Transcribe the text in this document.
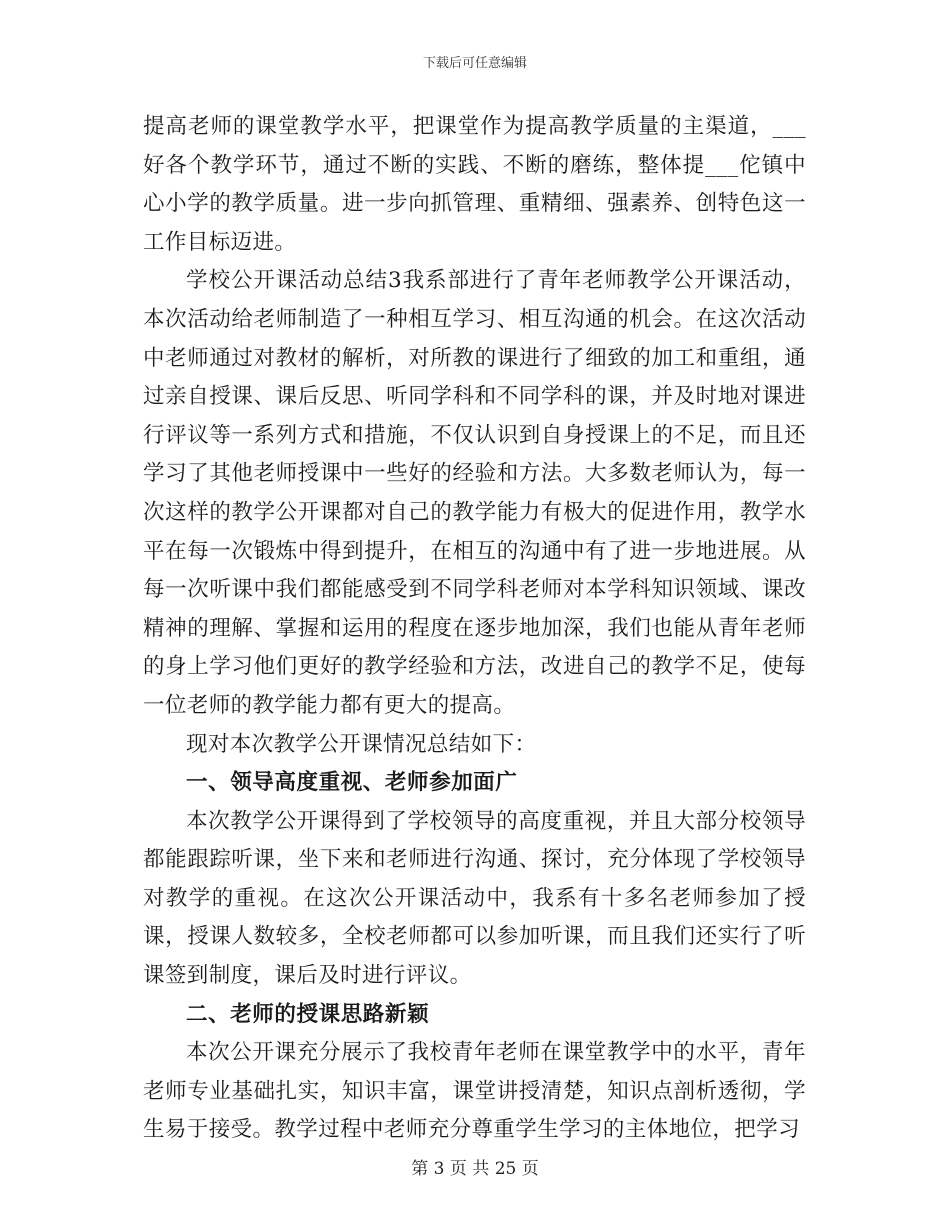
下载后可任意编辑

提高老师的课堂教学水平，把课堂作为提高教学质量的主渠道，___好各个教学环节，通过不断的实践、不断的磨练，整体提___佗镇中心小学的教学质量。进一步向抓管理、重精细、强素养、创特色这一工作目标迈进。

学校公开课活动总结3我系部进行了青年老师教学公开课活动，本次活动给老师制造了一种相互学习、相互沟通的机会。在这次活动中老师通过对教材的解析，对所教的课进行了细致的加工和重组，通过亲自授课、课后反思、听同学科和不同学科的课，并及时地对课进行评议等一系列方式和措施，不仅认识到自身授课上的不足，而且还学习了其他老师授课中一些好的经验和方法。大多数老师认为，每一次这样的教学公开课都对自己的教学能力有极大的促进作用，教学水平在每一次锻炼中得到提升，在相互的沟通中有了进一步地进展。从每一次听课中我们都能感受到不同学科老师对本学科知识领域、课改精神的理解、掌握和运用的程度在逐步地加深，我们也能从青年老师的身上学习他们更好的教学经验和方法，改进自己的教学不足，使每一位老师的教学能力都有更大的提高。

现对本次教学公开课情况总结如下：

一、领导高度重视、老师参加面广

本次教学公开课得到了学校领导的高度重视，并且大部分校领导都能跟踪听课，坐下来和老师进行沟通、探讨，充分体现了学校领导对教学的重视。在这次公开课活动中，我系有十多名老师参加了授课，授课人数较多，全校老师都可以参加听课，而且我们还实行了听课签到制度，课后及时进行评议。

二、老师的授课思路新颖

本次公开课充分展示了我校青年老师在课堂教学中的水平，青年老师专业基础扎实，知识丰富，课堂讲授清楚，知识点剖析透彻，学生易于接受。教学过程中老师充分尊重学生学习的主体地位，把学习

第 3 页 共 25 页
